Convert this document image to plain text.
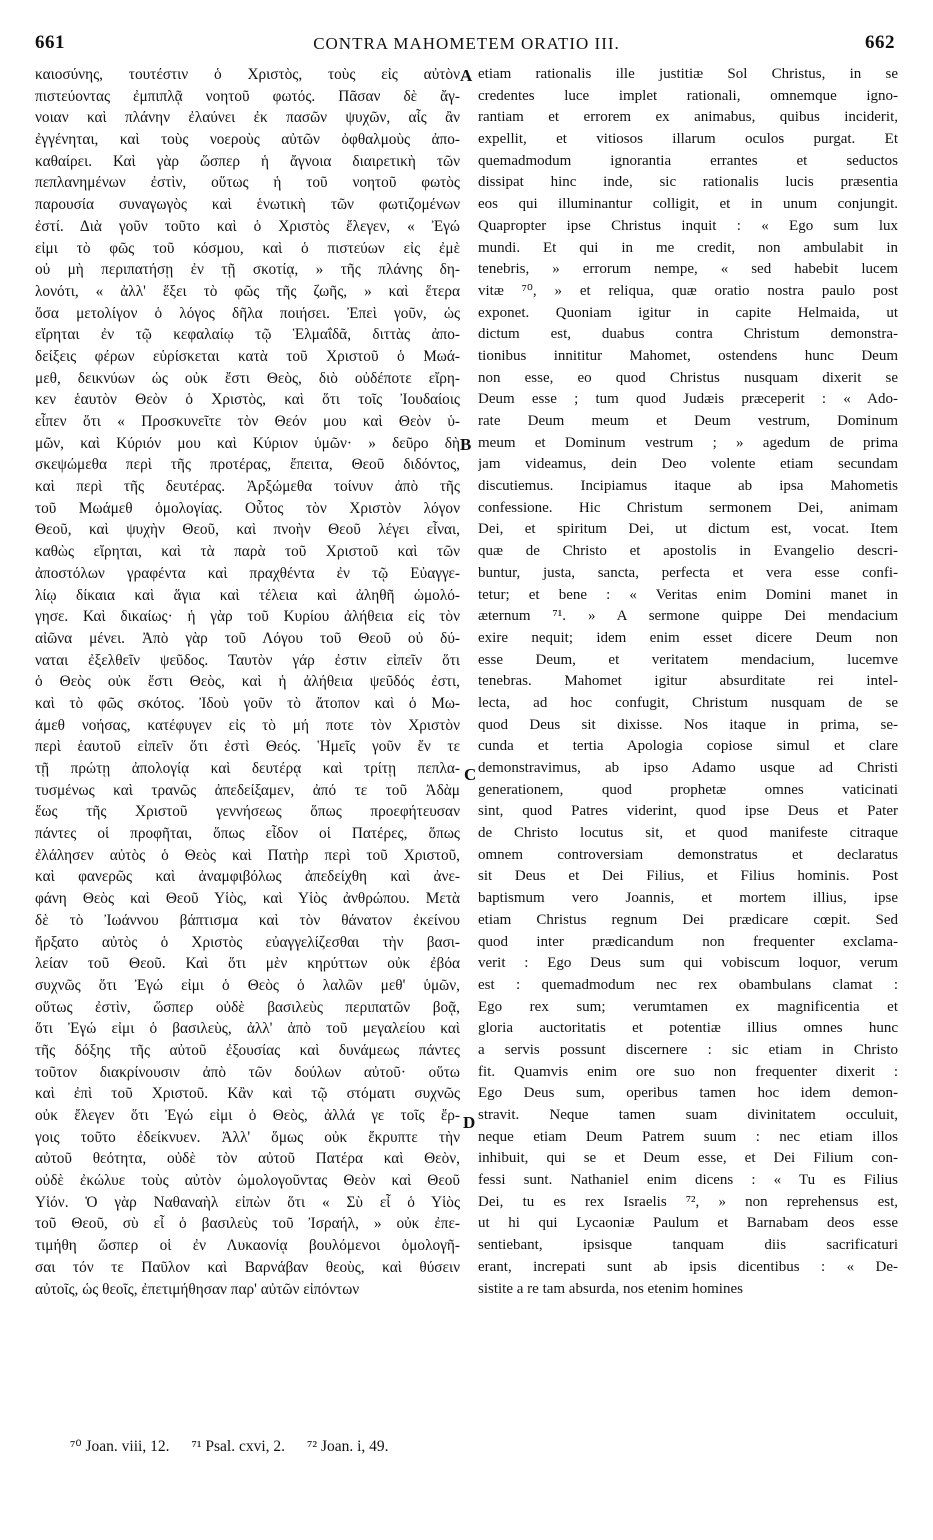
661	CONTRA MAHOMETEM ORATIO III.	662
καιοσύνης, τουτέστιν ὁ Χριστὸς, τοὺς εἰς αὐτὸν
πιστεύοντας ἐμπιπλᾷ νοητοῦ φωτός. Πᾶσαν δὲ ἄγ-
νοιαν καὶ πλάνην ἐλαύνει ἐκ πασῶν ψυχῶν, αἷς ἂν
ἐγγένηται, καὶ τοὺς νοεροὺς αὐτῶν ὀφθαλμοὺς ἀπο-
καθαίρει. Καὶ γὰρ ὥσπερ ἡ ἄγνοια διαιρετικὴ τῶν
πεπλανημένων ἐστὶν, οὕτως ἡ τοῦ νοητοῦ φωτὸς
παρουσία συναγωγὸς καὶ ἑνωτικὴ τῶν φωτιζομένων
ἐστί. Διὰ γοῦν τοῦτο καὶ ὁ Χριστὸς ἔλεγεν, « Ἐγώ
εἰμι τὸ φῶς τοῦ κόσμου, καὶ ὁ πιστεύων εἰς ἐμὲ
οὐ μὴ περιπατήσῃ ἐν τῇ σκοτίᾳ, » τῆς πλάνης δη-
λονότι, « ἀλλ' ἕξει τὸ φῶς τῆς ζωῆς, » καὶ ἕτερα
ὅσα μετολίγον ὁ λόγος δῆλα ποιήσει. Ἐπεὶ γοῦν, ὡς
εἴρηται ἐν τῷ κεφαλαίῳ τῷ Ἑλμαΐδᾶ, διττὰς ἀπο-
δείξεις φέρων εὑρίσκεται κατὰ τοῦ Χριστοῦ ὁ Μωά-
μεθ, δεικνύων ὡς οὐκ ἔστι Θεὸς, διὸ οὐδέποτε εἴρη-
κεν ἑαυτὸν Θεὸν ὁ Χριστὸς, καὶ ὅτι τοῖς Ἰουδαίοις
εἶπεν ὅτι « Προσκυνεῖτε τὸν Θεόν μου καὶ Θεὸν ὑ-
μῶν, καὶ Κύριόν μου καὶ Κύριον ὑμῶν· » δεῦρο δὴ
σκεψώμεθα περὶ τῆς προτέρας, ἔπειτα, Θεοῦ διδόντος,
καὶ περὶ τῆς δευτέρας. Ἀρξώμεθα τοίνυν ἀπὸ τῆς
τοῦ Μωάμεθ ὁμολογίας. Οὗτος τὸν Χριστὸν λόγον
Θεοῦ, καὶ ψυχὴν Θεοῦ, καὶ πνοὴν Θεοῦ λέγει εἶναι,
καθὼς εἴρηται, καὶ τὰ παρὰ τοῦ Χριστοῦ καὶ τῶν
ἀποστόλων γραφέντα καὶ πραχθέντα ἐν τῷ Εὐαγγε-
λίῳ δίκαια καὶ ἅγια καὶ τέλεια καὶ ἀληθῆ ὡμολό-
γησε. Καὶ δικαίως· ἡ γὰρ τοῦ Κυρίου ἀλήθεια εἰς τὸν
αἰῶνα μένει. Ἀπὸ γὰρ τοῦ Λόγου τοῦ Θεοῦ οὐ δύ-
ναται ἐξελθεῖν ψεῦδος. Ταυτὸν γάρ ἐστιν εἰπεῖν ὅτι
ὁ Θεὸς οὐκ ἔστι Θεὸς, καὶ ἡ ἀλήθεια ψεῦδός ἐστι,
καὶ τὸ φῶς σκότος. Ἰδοὺ γοῦν τὸ ἄτοπον καὶ ὁ Μω-
άμεθ νοήσας, κατέφυγεν εἰς τὸ μή ποτε τὸν Χριστὸν
περὶ ἑαυτοῦ εἰπεῖν ὅτι ἐστὶ Θεός. Ἡμεῖς γοῦν ἔν τε
τῇ πρώτῃ ἀπολογίᾳ καὶ δευτέρᾳ καὶ τρίτῃ πεπλα-
τυσμένως καὶ τρανῶς ἀπεδείξαμεν, ἀπό τε τοῦ Ἀδὰμ
ἕως τῆς Χριστοῦ γεννήσεως ὅπως προεφήτευσαν
πάντες οἱ προφῆται, ὅπως εἶδον οἱ Πατέρες, ὅπως
ἐλάλησεν αὐτὸς ὁ Θεὸς καὶ Πατὴρ περὶ τοῦ Χριστοῦ,
καὶ φανερῶς καὶ ἀναμφιβόλως ἀπεδείχθη καὶ ἀνε-
φάνη Θεὸς καὶ Θεοῦ Υἱὸς, καὶ Υἱὸς ἀνθρώπου. Μετὰ
δὲ τὸ Ἰωάννου βάπτισμα καὶ τὸν θάνατον ἐκείνου
ἤρξατο αὐτὸς ὁ Χριστὸς εὐαγγελίζεσθαι τὴν βασι-
λείαν τοῦ Θεοῦ. Καὶ ὅτι μὲν κηρύττων οὐκ ἐβόα
συχνῶς ὅτι Ἐγώ εἰμι ὁ Θεὸς ὁ λαλῶν μεθ' ὑμῶν,
οὕτως ἐστὶν, ὥσπερ οὐδὲ βασιλεὺς περιπατῶν βοᾷ,
ὅτι Ἐγώ εἰμι ὁ βασιλεὺς, ἀλλ' ἀπὸ τοῦ μεγαλείου καὶ
τῆς δόξης τῆς αὐτοῦ ἐξουσίας καὶ δυνάμεως πάντες
τοῦτον διακρίνουσιν ἀπὸ τῶν δούλων αὐτοῦ· οὕτω
καὶ ἐπὶ τοῦ Χριστοῦ. Κἂν καὶ τῷ στόματι συχνῶς
οὐκ ἔλεγεν ὅτι Ἐγώ εἰμι ὁ Θεὸς, ἀλλά γε τοῖς ἔρ-
γοις τοῦτο ἐδείκνυεν. Ἀλλ' ὅμως οὐκ ἔκρυπτε τὴν
αὐτοῦ θεότητα, οὐδὲ τὸν αὐτοῦ Πατέρα καὶ Θεὸν,
οὐδὲ ἐκώλυε τοὺς αὐτὸν ὡμολογοῦντας Θεὸν καὶ Θεοῦ
Υἱόν. Ὁ γὰρ Ναθαναὴλ εἰπὼν ὅτι « Σὺ εἶ ὁ Υἱὸς
τοῦ Θεοῦ, σὺ εἶ ὁ βασιλεὺς τοῦ Ἰσραήλ, » οὐκ ἐπε-
τιμήθη ὥσπερ οἱ ἐν Λυκαονίᾳ βουλόμενοι ὁμολογῆ-
σαι τόν τε Παῦλον καὶ Βαρνάβαν θεοὺς, καὶ θύσειν
αὐτοῖς, ὡς θεοῖς, ἐπετιμήθησαν παρ' αὐτῶν εἰπόντων
etiam rationalis ille justitiæ Sol Christus, in se
credentes luce implet rationali, omnemque igno-
rantiam et errorem ex animabus, quibus inciderit,
expellit, et vitiosos illarum oculos purgat. Et
quemadmodum ignorantia errantes et seductos
dissipat hinc inde, sic rationalis lucis præsentia
eos qui illuminantur colligit, et in unum conjungit.
Quapropter ipse Christus inquit : « Ego sum lux
mundi. Et qui in me credit, non ambulabit in
tenebris, » errorum nempe, « sed habebit lucem
vitæ ⁷⁰, » et reliqua, quæ oratio nostra paulo post
exponet. Quoniam igitur in capite Helmaida, ut
dictum est, duabus contra Christum demonstra-
tionibus innititur Mahomet, ostendens hunc Deum
non esse, eo quod Christus nusquam dixerit se
Deum esse ; tum quod Judæis præceperit : « Ado-
rate Deum meum et Deum vestrum, Dominum
meum et Dominum vestrum ; » agedum de prima
jam videamus, dein Deo volente etiam secundam
discutiemus. Incipiamus itaque ab ipsa Mahometis
confessione. Hic Christum sermonem Dei, animam
Dei, et spiritum Dei, ut dictum est, vocat. Item
quæ de Christo et apostolis in Evangelio descri-
buntur, justa, sancta, perfecta et vera esse confi-
tetur; et bene : « Veritas enim Domini manet in
æternum ⁷¹. » A sermone quippe Dei mendacium
exire nequit; idem enim esset dicere Deum non
esse Deum, et veritatem mendacium, lucemve
tenebras. Mahomet igitur absurditate rei intel-
lecta, ad hoc confugit, Christum nusquam de se
quod Deus sit dixisse. Nos itaque in prima, se-
cunda et tertia Apologia copiose simul et clare
demonstravimus, ab ipso Adamo usque ad Christi
generationem, quod prophetæ omnes vaticinati
sint, quod Patres viderint, quod ipse Deus et Pater
de Christo locutus sit, et quod manifeste citraque
omnem controversiam demonstratus et declaratus
sit Deus et Dei Filius, et Filius hominis. Post
baptismum vero Joannis, et mortem illius, ipse
etiam Christus regnum Dei prædicare cœpit. Sed
quod inter prædicandum non frequenter exclama-
verit : Ego Deus sum qui vobiscum loquor, verum
est : quemadmodum nec rex obambulans clamat :
Ego rex sum; verumtamen ex magnificentia et
gloria auctoritatis et potentiæ illius omnes hunc
a servis possunt discernere : sic etiam in Christo
fit. Quamvis enim ore suo non frequenter dixerit :
Ego Deus sum, operibus tamen hoc idem demon-
stravit. Neque tamen suam divinitatem occuluit,
neque etiam Deum Patrem suum : nec etiam illos
inhibuit, qui se et Deum esse, et Dei Filium con-
fessi sunt. Nathaniel enim dicens : « Tu es Filius
Dei, tu es rex Israelis ⁷², » non reprehensus est,
ut hi qui Lycaoniæ Paulum et Barnabam deos esse
sentiebant, ipsisque tanquam diis sacrificaturi
erant, increpati sunt ab ipsis dicentibus : « De-
sistite a re tam absurda, nos etenim homines
A
B
C
D
⁷⁰ Joan. viii, 12. ⁷¹ Psal. cxvi, 2. ⁷² Joan. i, 49.
